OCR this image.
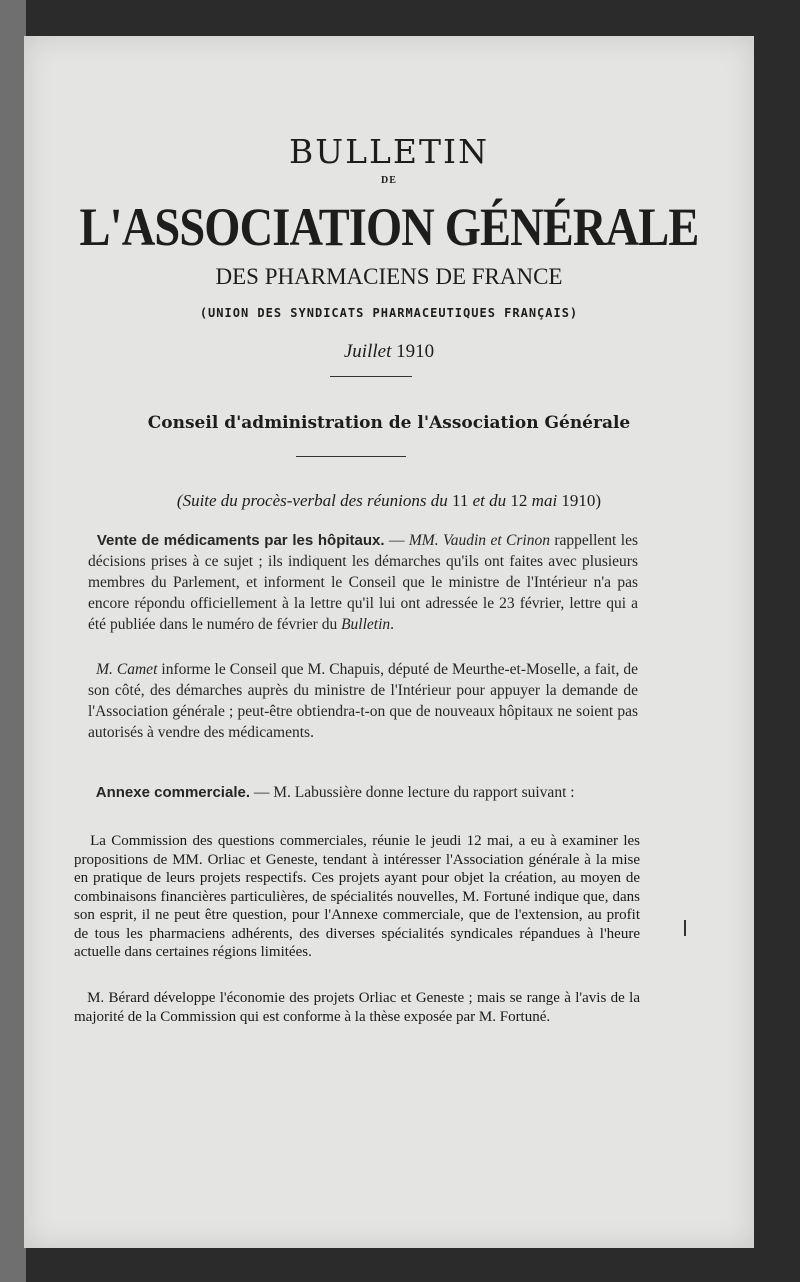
BULLETIN
DE
L'ASSOCIATION GÉNÉRALE
DES PHARMACIENS DE FRANCE
(UNION DES SYNDICATS PHARMACEUTIQUES FRANÇAIS)
Juillet 1910
Conseil d'administration de l'Association Générale
(Suite du procès-verbal des réunions du 11 et du 12 mai 1910)
Vente de médicaments par les hôpitaux. — MM. Vaudin et Crinon rappellent les décisions prises à ce sujet ; ils indiquent les démarches qu'ils ont faites avec plusieurs membres du Parlement, et informent le Conseil que le ministre de l'Intérieur n'a pas encore répondu officiellement à la lettre qu'il lui ont adressée le 23 février, lettre qui a été publiée dans le numéro de février du Bulletin.
M. Camet informe le Conseil que M. Chapuis, député de Meurthe-et-Moselle, a fait, de son côté, des démarches auprès du ministre de l'Intérieur pour appuyer la demande de l'Association générale ; peut-être obtiendra-t-on que de nouveaux hôpitaux ne soient pas autorisés à vendre des médicaments.
Annexe commerciale. — M. Labussière donne lecture du rapport suivant :
La Commission des questions commerciales, réunie le jeudi 12 mai, a eu à examiner les propositions de MM. Orliac et Geneste, tendant à intéresser l'Association générale à la mise en pratique de leurs projets respectifs. Ces projets ayant pour objet la création, au moyen de combinaisons financières particulières, de spécialités nouvelles, M. Fortuné indique que, dans son esprit, il ne peut être question, pour l'Annexe commerciale, que de l'extension, au profit de tous les pharmaciens adhérents, des diverses spécialités syndicales répandues à l'heure actuelle dans certaines régions limitées.
M. Bérard développe l'économie des projets Orliac et Geneste ; mais se range à l'avis de la majorité de la Commission qui est conforme à la thèse exposée par M. Fortuné.
